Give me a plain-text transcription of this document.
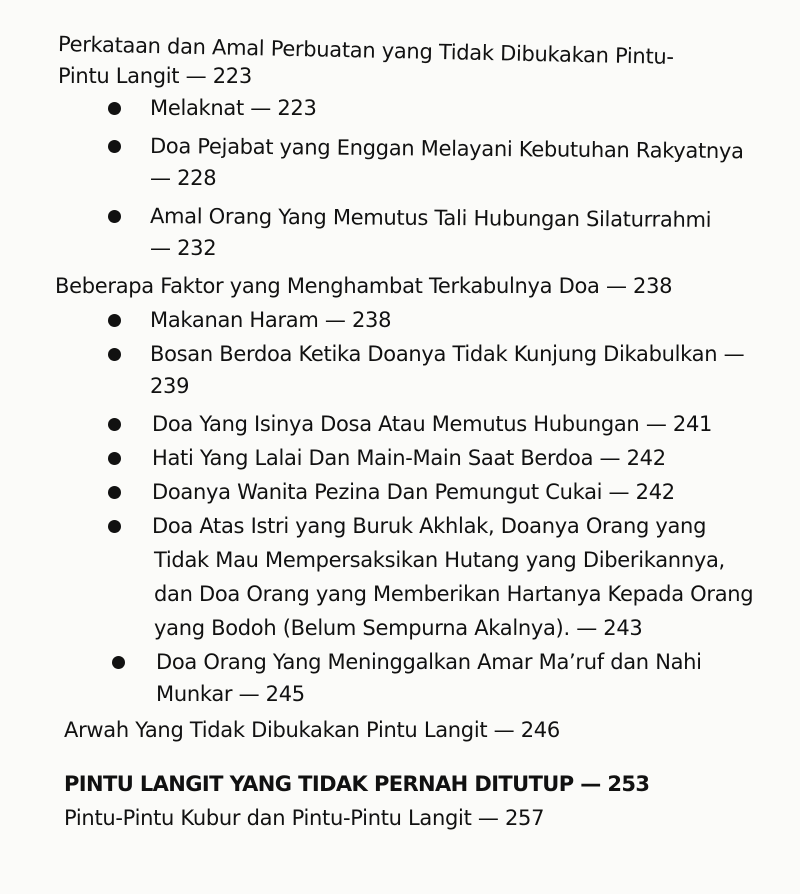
Perkataan dan Amal Perbuatan yang Tidak Dibukakan Pintu-
Pintu Langit — 223
Melaknat — 223
Doa Pejabat yang Enggan Melayani Kebutuhan Rakyatnya
— 228
Amal Orang Yang Memutus Tali Hubungan Silaturrahmi
— 232
Beberapa Faktor yang Menghambat Terkabulnya Doa — 238
Makanan Haram — 238
Bosan Berdoa Ketika Doanya Tidak Kunjung Dikabulkan —
239
Doa Yang Isinya Dosa Atau Memutus Hubungan — 241
Hati Yang Lalai Dan Main-Main Saat Berdoa — 242
Doanya Wanita Pezina Dan Pemungut Cukai — 242
Doa Atas Istri yang Buruk Akhlak, Doanya Orang yang
Tidak Mau Mempersaksikan Hutang yang Diberikannya,
dan Doa Orang yang Memberikan Hartanya Kepada Orang
yang Bodoh (Belum Sempurna Akalnya). — 243
Doa Orang Yang Meninggalkan Amar Ma’ruf dan Nahi
Munkar — 245
Arwah Yang Tidak Dibukakan Pintu Langit — 246
PINTU LANGIT YANG TIDAK PERNAH DITUTUP — 253
Pintu-Pintu Kubur dan Pintu-Pintu Langit — 257
